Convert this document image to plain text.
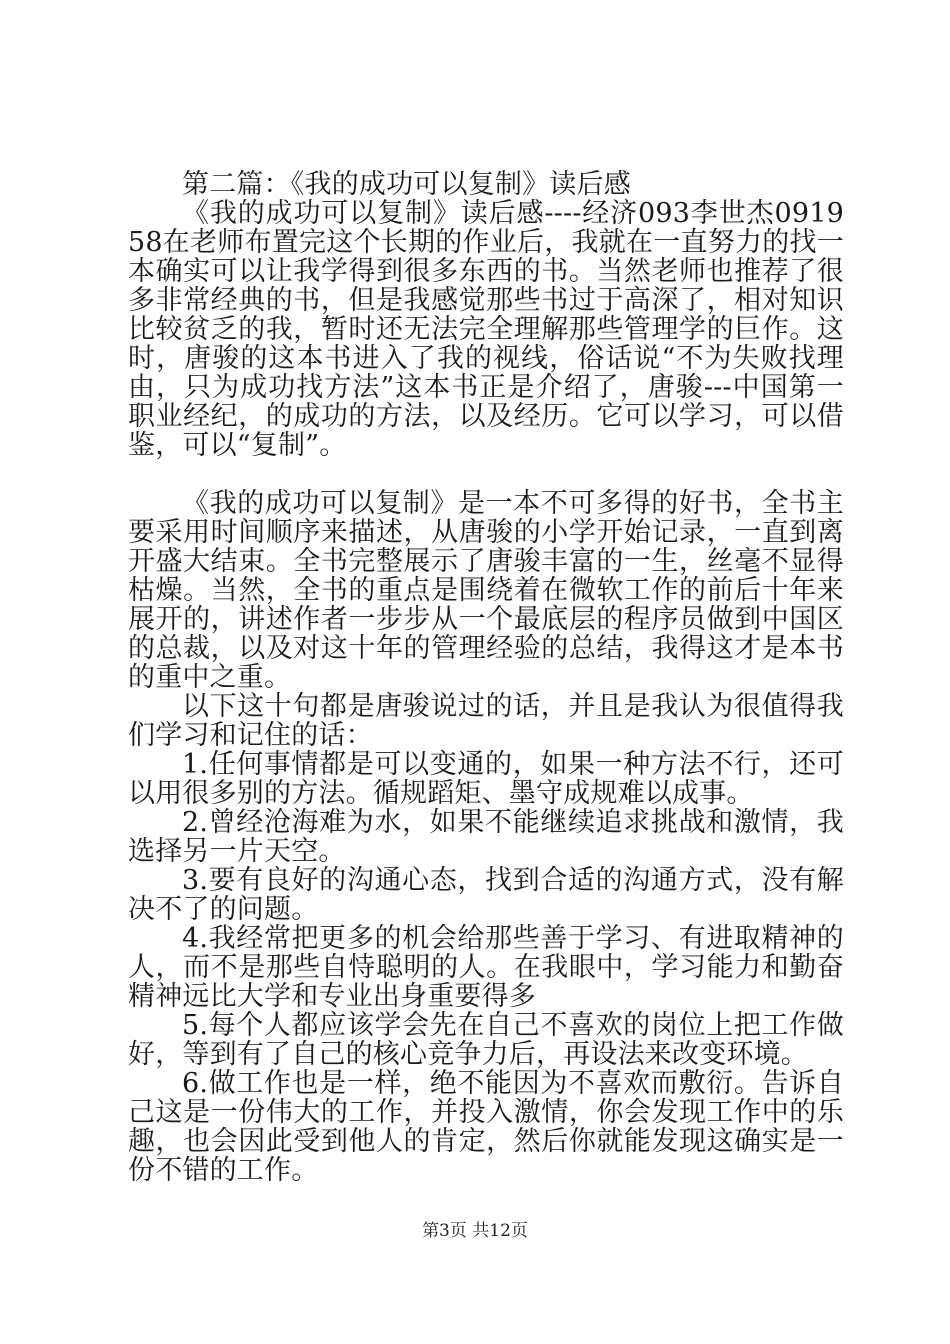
第二篇：《我的成功可以复制》读后感

《我的成功可以复制》读后感----经济093李世杰091958在老师布置完这个长期的作业后，我就在一直努力的找一本确实可以让我学得到很多东西的书。当然老师也推荐了很多非常经典的书，但是我感觉那些书过于高深了，相对知识比较贫乏的我，暂时还无法完全理解那些管理学的巨作。这时，唐骏的这本书进入了我的视线，俗话说“不为失败找理由，只为成功找方法”这本书正是介绍了，唐骏---中国第一职业经纪，的成功的方法，以及经历。它可以学习，可以借鉴，可以“复制”。

《我的成功可以复制》是一本不可多得的好书，全书主要采用时间顺序来描述，从唐骏的小学开始记录，一直到离开盛大结束。全书完整展示了唐骏丰富的一生，丝毫不显得枯燥。当然，全书的重点是围绕着在微软工作的前后十年来展开的，讲述作者一步步从一个最底层的程序员做到中国区的总裁，以及对这十年的管理经验的总结，我得这才是本书的重中之重。

以下这十句都是唐骏说过的话，并且是我认为很值得我们学习和记住的话：

1.任何事情都是可以变通的，如果一种方法不行，还可以用很多别的方法。循规蹈矩、墨守成规难以成事。

2.曾经沧海难为水，如果不能继续追求挑战和激情，我选择另一片天空。

3.要有良好的沟通心态，找到合适的沟通方式，没有解决不了的问题。

4.我经常把更多的机会给那些善于学习、有进取精神的人，而不是那些自恃聪明的人。在我眼中，学习能力和勤奋精神远比大学和专业出身重要得多

5.每个人都应该学会先在自己不喜欢的岗位上把工作做好，等到有了自己的核心竞争力后，再设法来改变环境。

6.做工作也是一样，绝不能因为不喜欢而敷衍。告诉自己这是一份伟大的工作，并投入激情，你会发现工作中的乐趣，也会因此受到他人的肯定，然后你就能发现这确实是一份不错的工作。

第3页 共12页
